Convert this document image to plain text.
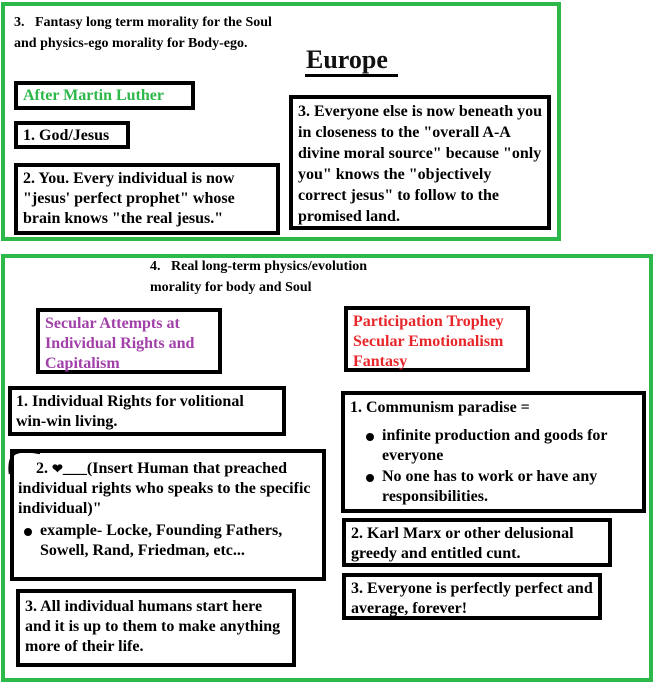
3.   Fantasy long term morality for the Soul and physics-ego morality for Body-ego.
Europe
After Martin Luther
1. God/Jesus
2. You. Every individual is now "jesus' perfect prophet" whose brain knows "the real jesus."
3. Everyone else is now beneath you in closeness to the "overall A-A divine moral source" because "only you" knows the "objectively correct jesus" to follow to the promised land.
4.   Real long-term physics/evolution morality for body and Soul
Secular Attempts at Individual Rights and Capitalism
Participation Trophey Secular Emotionalism Fantasy
1. Individual Rights for volitional win-win living.
2. ❤___(Insert Human that preached individual rights who speaks to the specific individual)"
example- Locke, Founding Fathers, Sowell, Rand, Friedman, etc...
3. All individual humans start here and it is up to them to make anything more of their life.
1. Communism paradise =
infinite production and goods for everyone
No one has to work or have any responsibilities.
2. Karl Marx or other delusional greedy and entitled cunt.
3. Everyone is perfectly perfect and average, forever!
